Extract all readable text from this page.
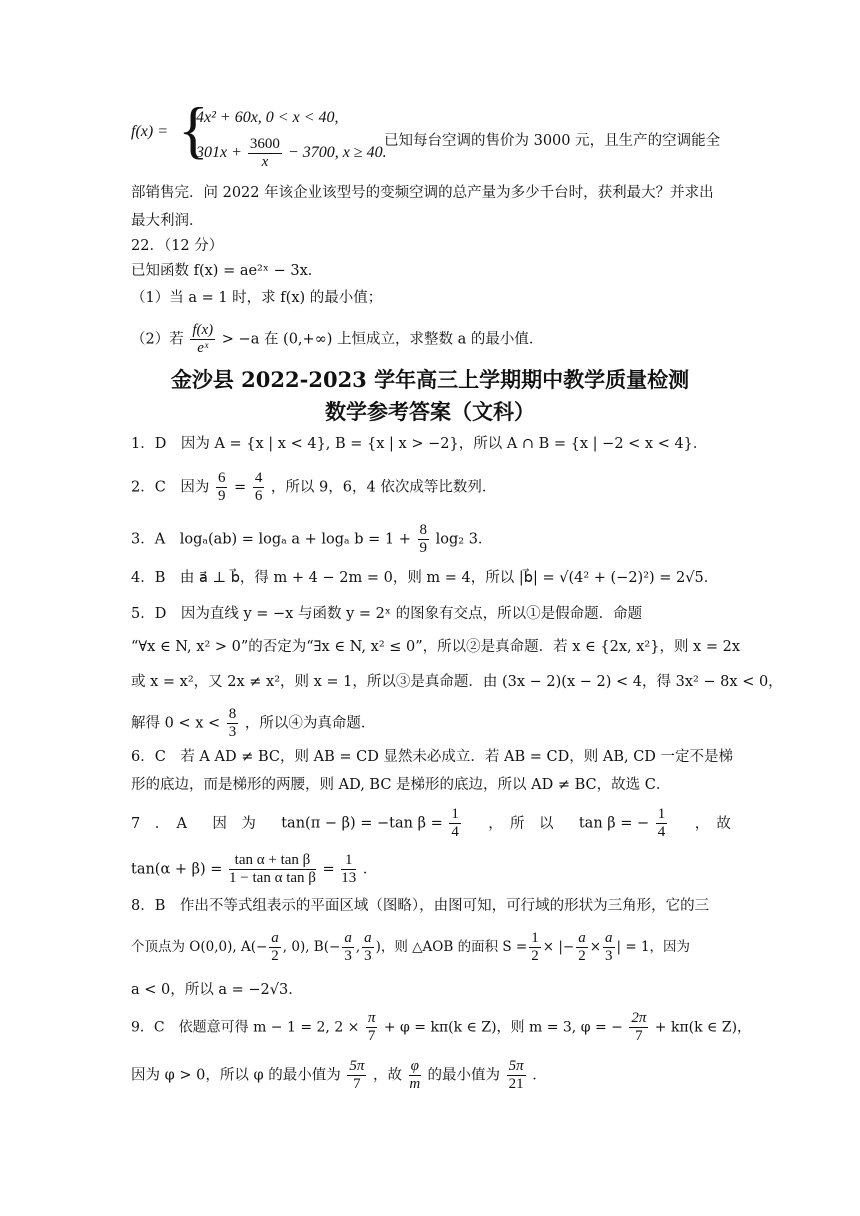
f(x) = {
4x² + 60x, 0 < x < 40,
$301x + \frac{3600}{x} - 3700$, x ≥ 40.
已知每台空调的售价为 3000 元，且生产的空调能全
部销售完．问 2022 年该企业该型号的变频空调的总产量为多少千台时，获利最大？并求出
最大利润．
22．（12 分）
已知函数 f(x) = ae²ˣ − 3x．
（1）当 a = 1 时，求 f(x) 的最小值；
（2）若 $\frac{f(x)}{\text{eˣ}} > -a$ 在 (0,+∞) 上恒成立，求整数 a 的最小值．
金沙县 2022-2023 学年高三上学期期中教学质量检测
数学参考答案（文科）
1．D　因为 A = {x | x < 4}, B = {x | x > −2}，所以 A ∩ B = {x | −2 < x < 4}．
2．C　因为 $\frac{6}{9} = \frac{4}{6}$ ，所以 9，6，4 依次成等比数列．
3．A　logₐ(ab) = logₐ a + logₐ $b = 1 + \frac{8}{9} \log_2$ 3．
4．B　由 a⃗ ⊥ b⃗，得 m + 4 − 2m = 0，则 m = 4，所以 |b⃗| = √(4² + (−2)²) = 2√5．
5．D　因为直线 y = −x 与函数 y = 2ˣ 的图象有交点，所以①是假命题．命题
“∀x ∈ N, x² > 0”的否定为“∃x ∈ N, x² ≤ 0”，所以②是真命题．若 x ∈ {2x, x²}，则 x = 2x
或 x = x²，又 2x ≠ x²，则 x = 1，所以③是真命题．由 (3x − 2)(x − 2) < 4，得 3x² − 8x < 0，
解得 $0 < x < \frac{8}{3}$ ，所以④为真命题．
6．C　若 A AD ≠ BC，则 AB = CD 显然未必成立．若 AB = CD，则 AB, CD 一定不是梯
形的底边，而是梯形的两腰，则 AD, BC 是梯形的底边，所以 AD ≠ BC，故选 C．
7　．　A 因　为 tan(π − β) = −tan $\beta = \frac{1}{4}$ ，　所　以 tan β = − $\frac{1}{4}$ ，　故
$\tan(\alpha + \beta) = \frac{\text{tan α + tan β}}{\text{1 − tan α tan β}} = \frac{1}{13}$ ．
8．B　作出不等式组表示的平面区域（图略），由图可知，可行域的形状为三角形，它的三
个顶点为 O(0,0), $A(- \frac{a}{2}$ , 0), $B(- \frac{a}{3}$ , $\frac{a}{3}$ )，则 △AOB 的面积 $S = \frac{1}{2}$ × |− $\frac{a}{2} \times \frac{a}{3}$ | = 1，因为
a < 0，所以 a = −2√3．
9．C　依题意可得 m − 1 = 2, $2 \times \frac{\pi}{7} + \varphi = k\pi(k$ ∈ Z)，则 m = 3, φ = − $\frac{2\pi}{7} + k\pi(k$ ∈ Z)，
因为 φ > 0，所以 φ 的最小值为 $\frac{5\pi}{7}$ ，故 $\frac{\varphi}{m}$ 的最小值为 $\frac{5\pi}{21}$ ．
